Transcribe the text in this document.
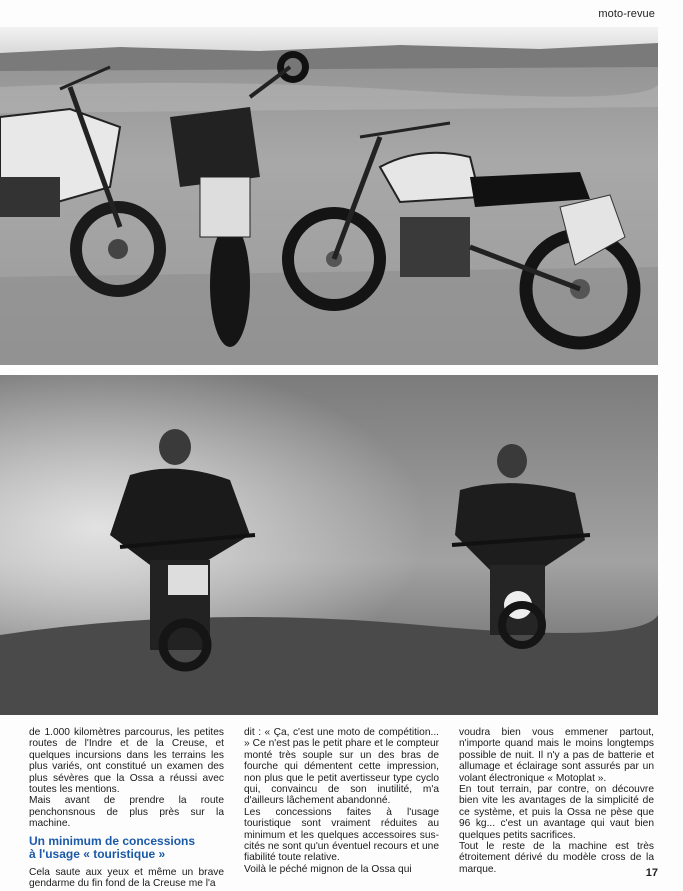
moto-revue
HD

de 1.000 kilomètres parcourus, les petites routes de l'Indre et de la Creuse, et quelques incursions dans les terrains les plus variés, ont constitué un examen des plus sévères que la Ossa a réussi avec toutes les mentions.

Mais avant de prendre la route penchonsnous de plus près sur la machine.

Un minimum de concessions
à l'usage « touristique »

Cela saute aux yeux et même un brave gendarme du fin fond de la Creuse me l'a

dit : « Ça, c'est une moto de compétition... » Ce n'est pas le petit phare et le compteur monté très souple sur un des bras de fourche qui démentent cette impression, non plus que le petit avertisseur type cyclo qui, convaincu de son inutilité, m'a d'ailleurs lâchement abandonné.

Les concessions faites à l'usage touristique sont vraiment réduites au minimum et les quelques accessoires sus-cités ne sont qu'un éventuel recours et une fiabilité toute relative.

Voilà le péché mignon de la Ossa qui

voudra bien vous emmener partout, n'importe quand mais le moins longtemps possible de nuit. Il n'y a pas de batterie et allumage et éclairage sont assurés par un volant électronique « Motoplat ».

En tout terrain, par contre, on découvre bien vite les avantages de la simplicité de ce système, et puis la Ossa ne pèse que 96 kg... c'est un avantage qui vaut bien quelques petits sacrifices.

Tout le reste de la machine est très étroitement dérivé du modèle cross de la marque.	17
